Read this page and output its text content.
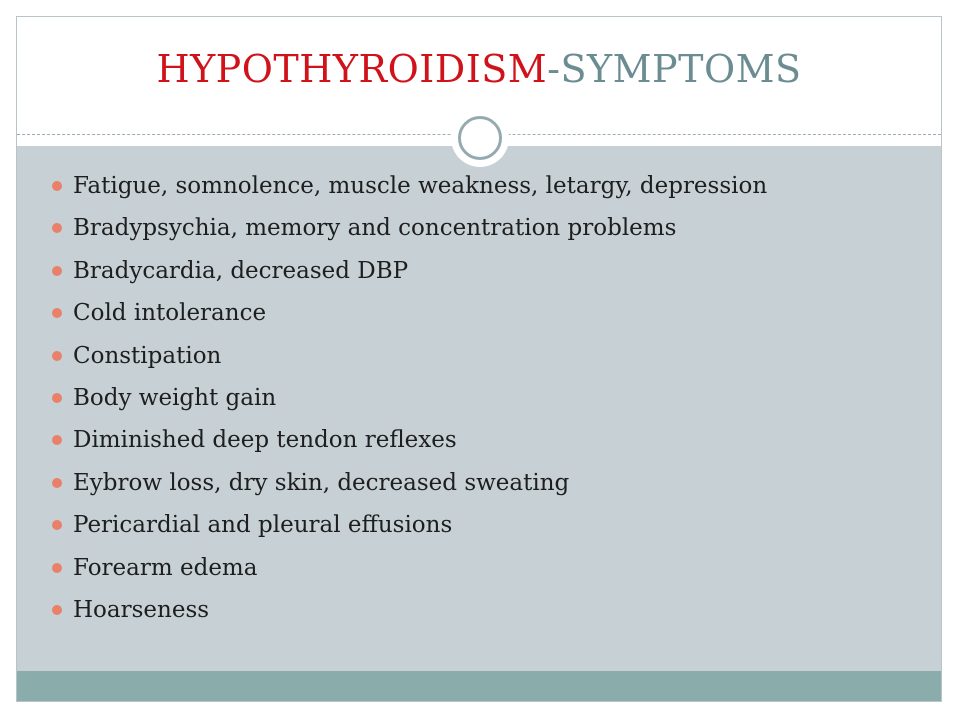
HYPOTHYROIDISM-SYMPTOMS
Fatigue, somnolence, muscle weakness, letargy, depression
Bradypsychia, memory and concentration problems
Bradycardia, decreased DBP
Cold intolerance
Constipation
Body weight gain
Diminished deep tendon reflexes
Eybrow loss, dry skin, decreased sweating
Pericardial and pleural effusions
Forearm edema
Hoarseness
